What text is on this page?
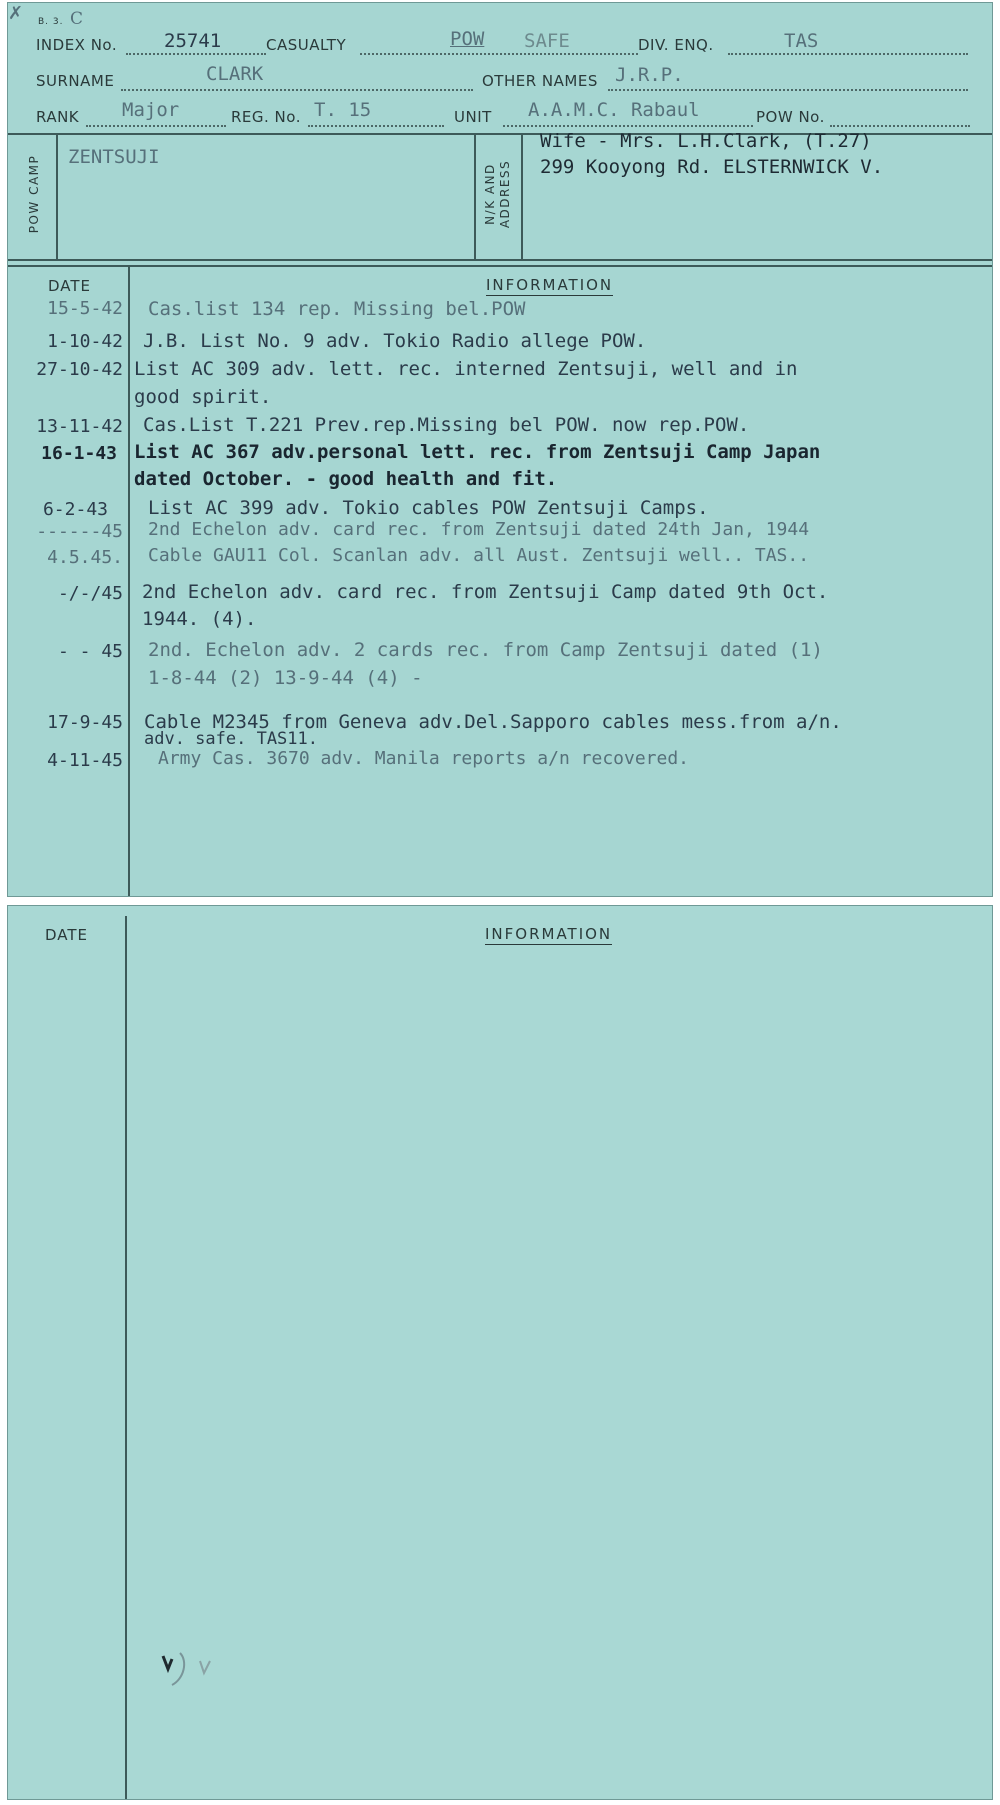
✗ B. 3. C
INDEX No. 25741	CASUALTY	POW SAFE	DIV. ENQ.	TAS
SURNAME	CLARK	OTHER NAMES J.R.P.
RANK Major	REG. No. T. 15	UNIT A.A.M.C. Rabaul	POW No.
POW CAMP ZENTSUJI
N/K AND
ADDRESS
Wife - Mrs. L.H.Clark, (T.27)
299 Kooyong Rd. ELSTERNWICK V.
DATE	INFORMATION
15-5-42 Cas.list 134 rep. Missing bel.POW
1-10-42 J.B. List No. 9 adv. Tokio Radio allege POW.
27-10-42 List AC 309 adv. lett. rec. interned Zentsuji, well and in
good spirit.
13-11-42 Cas.List T.221 Prev.rep.Missing bel POW. now rep.POW.
16-1-43 List AC 367 adv.personal lett. rec. from Zentsuji Camp Japan
dated October. - good health and fit.
6-2-43 List AC 399 adv. Tokio cables POW Zentsuji Camps.
------45 2nd Echelon adv. card rec. from Zentsuji dated 24th Jan, 1944
4.5.45. Cable GAU11 Col. Scanlan adv. all Aust. Zentsuji well.. TAS..
-/-/45 2nd Echelon adv. card rec. from Zentsuji Camp dated 9th Oct.
1944. (4).
- - 45 2nd. Echelon adv. 2 cards rec. from Camp Zentsuji dated (1)
1-8-44 (2) 13-9-44 (4) -
17-9-45 Cable M2345 from Geneva adv.Del.Sapporo cables mess.from a/n.
adv. safe. TAS11.
4-11-45 Army Cas. 3670 adv. Manila reports a/n recovered.
DATE	INFORMATION
